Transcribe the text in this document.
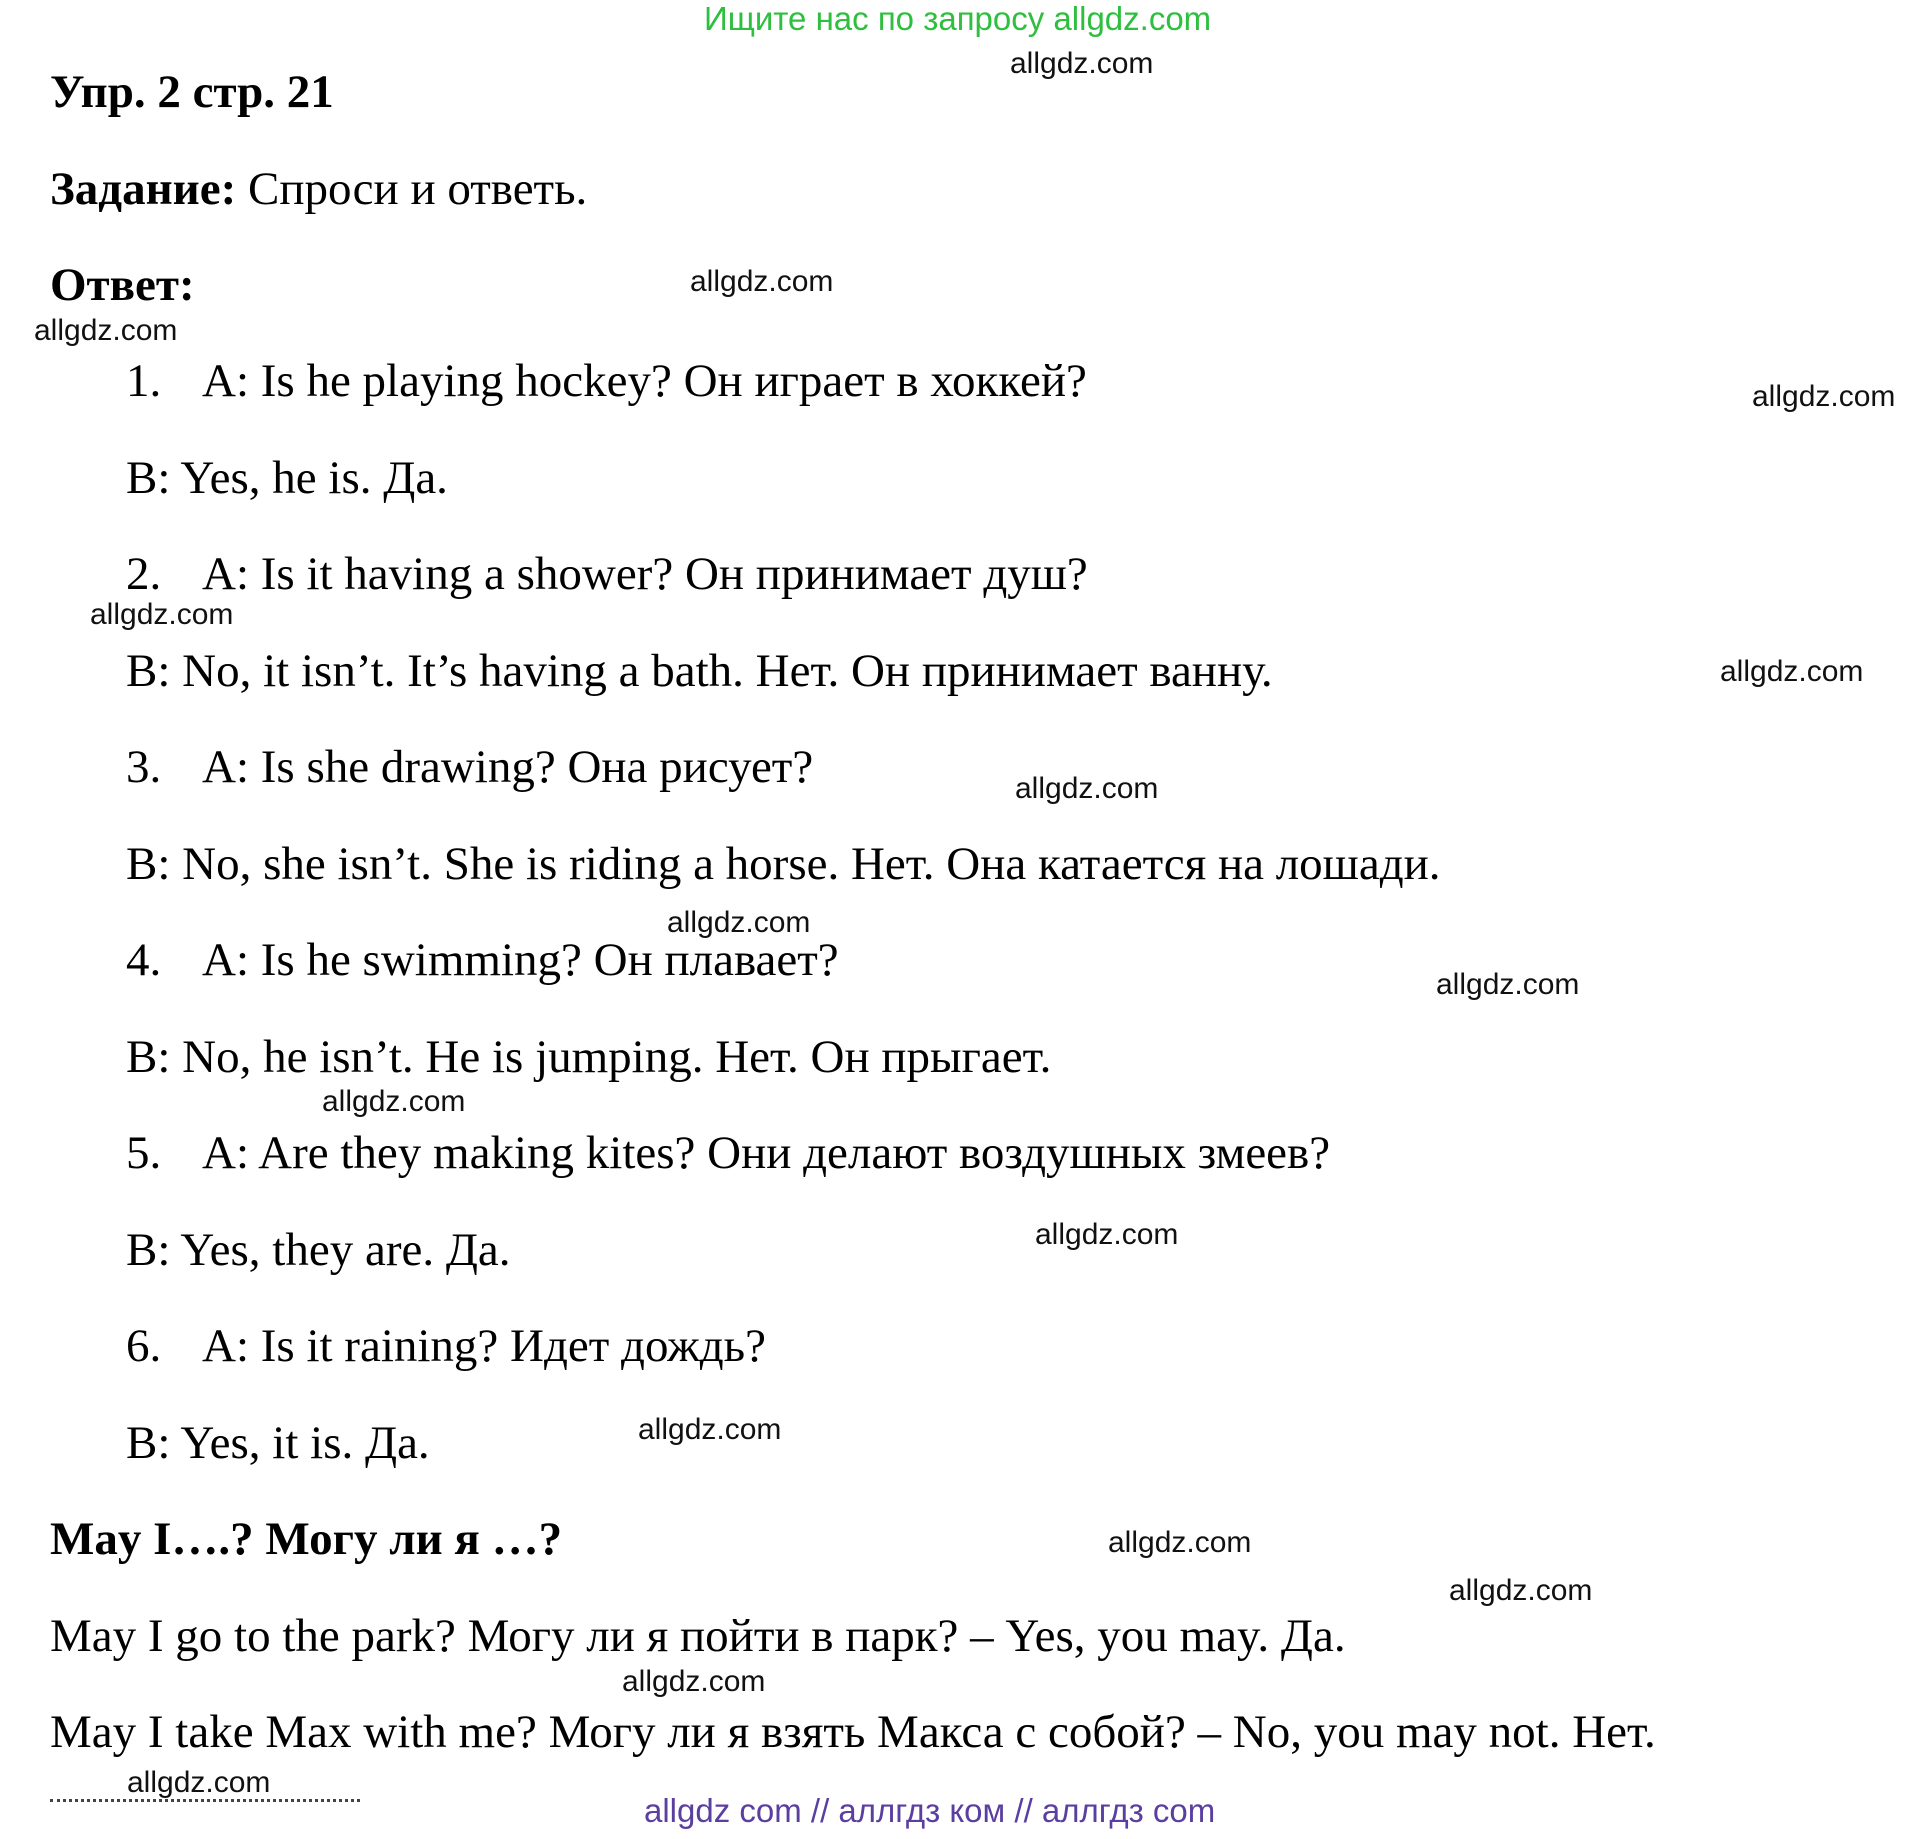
Ищите нас по запросу allgdz.com
Упр. 2 стр. 21
Задание: Спроси и ответь.
Ответ:
1. A: Is he playing hockey? Он играет в хоккей?
B: Yes, he is. Да.
2. A: Is it having a shower? Он принимает душ?
B: No, it isn’t. It’s having a bath. Нет. Он принимает ванну.
3. A: Is she drawing? Она рисует?
B: No, she isn’t. She is riding a horse. Нет. Она катается на лошади.
4. A: Is he swimming? Он плавает?
B: No, he isn’t. He is jumping. Нет. Он прыгает.
5. A: Are they making kites? Они делают воздушных змеев?
B: Yes, they are. Да.
6. A: Is it raining? Идет дождь?
B: Yes, it is. Да.
May I….? Могу ли я …?
May I go to the park? Могу ли я пойти в парк? – Yes, you may. Да.
May I take Max with me? Могу ли я взять Макса с собой? – No, you may not. Нет.
allgdz.com
allgdz.com
allgdz.com
allgdz.com
allgdz.com
allgdz.com
allgdz.com
allgdz.com
allgdz.com
allgdz.com
allgdz.com
allgdz.com
allgdz.com
allgdz.com
allgdz.com
allgdz.com
allgdz com // аллгдз ком // аллгдз com
